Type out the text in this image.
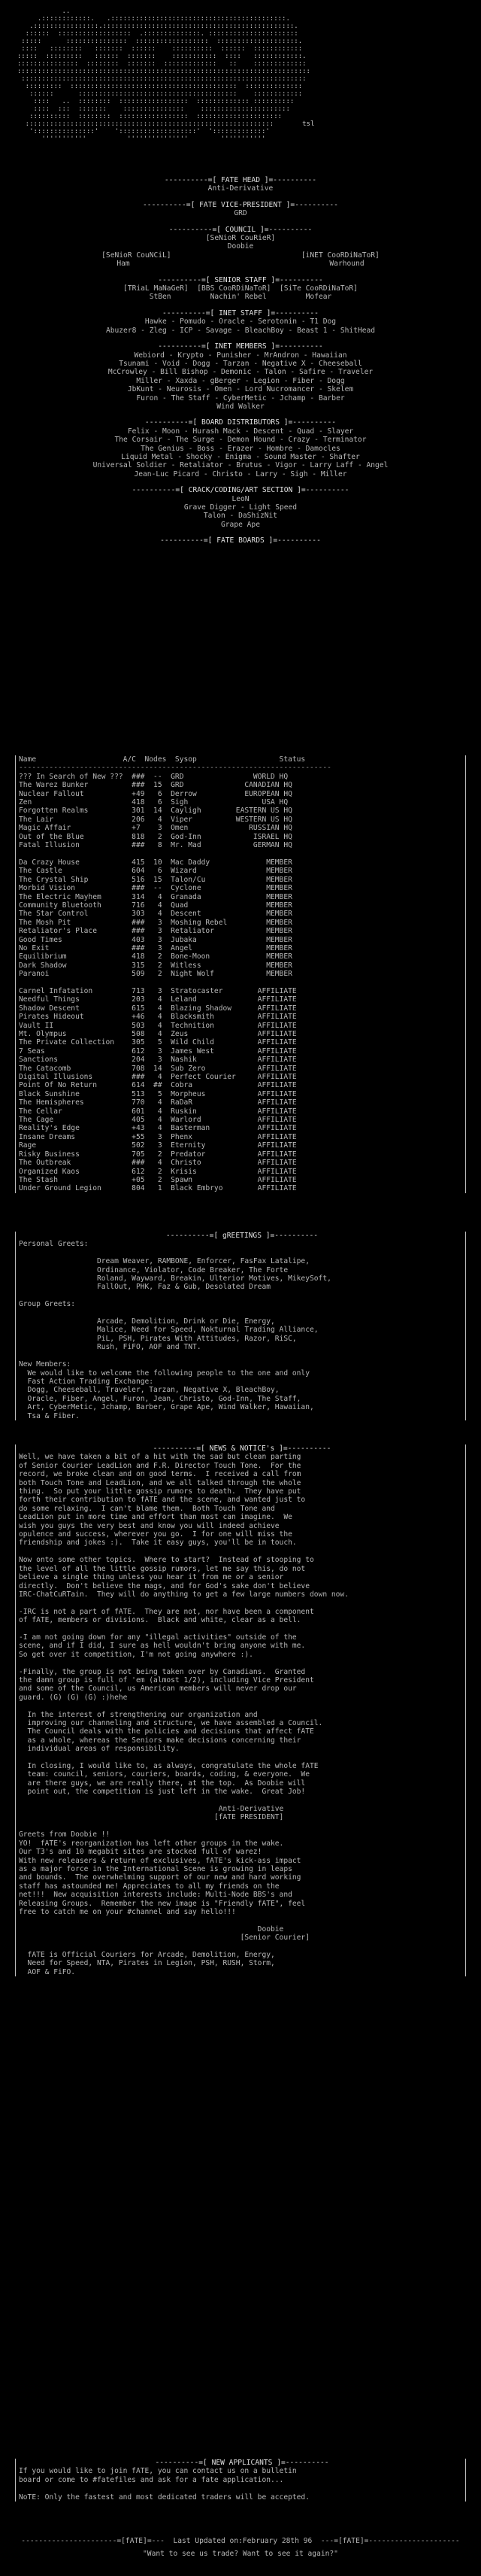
..
.::::::::::::.   .:::::::::::::::::::::::::::::::::::::::::::.
.::::::::::::::::.:::::::::::::::::::::::::::::::::::::::::::::::.
::::::  ::::::::::::::::::  .::::::::::::::. ::::::::::::::::::::::
:::::      :::::::::::::::  ::::::::::::::::::  ::::::::::::::::::::.
::::   ::::::::   :::::::  ::::::    ::::::::::  ::::::  ::::::::::::
:::::  :::::::::   ::::::  :::::::    :::::::::::  ::::   ::::::::::::.
:::::::::::::::  ::::::::  :::::::  :::::::::::::   ::    :::::::::::::
::::::::::::::::::::::::::::::::::::::::::::::::::::::::::::::::::::::::
::::::::::::::::::::::::::::::::::::::::::::::::::::::::::::::::::::::
:::::::::  :::::::::::::::::::::::::::::::::::::::::  ::::::::::::::
::::::      :::::::::::::::::::::::::::::::::::::::    ::::::::::::
::::   ..  ::::::::  :::::::::::::::::  ::::::::::::: ::::::::::
::::  :::  :::::::    :::::::::::::::    ::::::::::::::::::::::
::::::::::  ::::::::  :::::::::::::::::  :::::::::::::::::::::
:::::::::::::::::::::::::::::::::::::::::::::::::::::::::::::       tsl
':::::::::::::::'    ':::::::::::::::::::'  ':::::::::::::'
'''''''''''          '''''''''''''''        '''''''''''

----------=[ FATE HEAD ]=----------
Anti-Derivative
----------=[ FATE VICE-PRESIDENT ]=----------
GRD
----------=[ COUNCIL ]=----------
[SeNioR CouRieR]
Doobie
[SeNioR CouNCiL]                              [iNET CooRDiNaToR]
Ham                                              Warhound
----------=[ SENIOR STAFF ]=----------
[TRiaL MaNaGeR]  [BBS CooRDiNaToR]  [SiTe CooRDiNaToR]
StBen         Nachin' Rebel         Mofear
----------=[ INET STAFF ]=----------
Hawke - Pomudo - Oracle - Serotonin - T1 Dog
Abuzer8 - Zleg - ICP - Savage - BleachBoy - Beast 1 - ShitHead
----------=[ INET MEMBERS ]=----------
Webiord - Krypto - Punisher - MrAndron - Hawaiian
Tsunami - Void - Dogg - Tarzan - Negative X - Cheeseball
McCrowley - Bill Bishop - Demonic - Talon - Safire - Traveler
Miller - Xaxda - gBerger - Legion - Fiber - Dogg
JbKunt - Neurosis - Omen - Lord Nucromancer - Skelem
Furon - The Staff - CyberMetic - Jchamp - Barber
Wind Walker
----------=[ BOARD DISTRIBUTORS ]=----------
Felix - Moon - Hurash Mack - Descent - Quad - Slayer
The Corsair - The Surge - Demon Hound - Crazy - Terminator
The Genius - Boss - Erazer - Hombre - Damocles
Liquid Metal - Shocky - Enigma - Sound Master - Shafter
Universal Soldier - Retaliator - Brutus - Vigor - Larry Laff - Angel
Jean-Luc Picard - Christo - Larry - Sigh - Miller
----------=[ CRACK/CODING/ART SECTION ]=----------
LeoN
Grave Digger - Light Speed
Talon - DaShizNit
Grape Ape
----------=[ FATE BOARDS ]=----------
Name                    A/C  Nodes  Sysop                   Status
------------------------------------------------------------------------
??? In Search of New ???  ###  --  GRD                WORLD HQ
The Warez Bunker          ###  15  GRD              CANADIAN HQ
Nuclear Fallout           +49   6  Derrow           EUROPEAN HQ
Zen                       418   6  Sigh                 USA HQ
Forgotten Realms          301  14  Cayligh        EASTERN US HQ
The Lair                  206   4  Viper          WESTERN US HQ
Magic Affair              +7    3  Omen              RUSSIAN HQ
Out of the Blue           818   2  God-Inn            ISRAEL HQ
Fatal Illusion            ###   8  Mr. Mad            GERMAN HQ

Da Crazy House            415  10  Mac Daddy             MEMBER
The Castle                604   6  Wizard                MEMBER
The Crystal Ship          516  15  Talon/Cu              MEMBER
Morbid Vision             ###  --  Cyclone               MEMBER
The Electric Mayhem       314   4  Granada               MEMBER
Community Bluetooth       716   4  Quad                  MEMBER
The Star Control          303   4  Descent               MEMBER
The Mosh Pit              ###   3  Moshing Rebel         MEMBER
Retaliator's Place        ###   3  Retaliator            MEMBER
Good Times                403   3  Jubaka                MEMBER
No Exit                   ###   3  Angel                 MEMBER
Equilibrium               418   2  Bone-Moon             MEMBER
Dark Shadow               315   2  Witless               MEMBER
Paranoi                   509   2  Night Wolf            MEMBER

Carnel Infatation         713   3  Stratocaster        AFFILIATE
Needful Things            203   4  Leland              AFFILIATE
Shadow Descent            615   4  Blazing Shadow      AFFILIATE
Pirates Hideout           +46   4  Blacksmith          AFFILIATE
Vault II                  503   4  Technition          AFFILIATE
Mt. Olympus               508   4  Zeus                AFFILIATE
The Private Collection    305   5  Wild Child          AFFILIATE
7 Seas                    612   3  James West          AFFILIATE
Sanctions                 204   3  Nashik              AFFILIATE
The Catacomb              708  14  Sub Zero            AFFILIATE
Digital Illusions         ###   4  Perfect Courier     AFFILIATE
Point Of No Return        614  ##  Cobra               AFFILIATE
Black Sunshine            513   5  Morpheus            AFFILIATE
The Hemispheres           770   4  RaDaR               AFFILIATE
The Cellar                601   4  Ruskin              AFFILIATE
The Cage                  405   4  Warlord             AFFILIATE
Reality's Edge            +43   4  Basterman           AFFILIATE
Insane Dreams             +55   3  Phenx               AFFILIATE
Rage                      502   3  Eternity            AFFILIATE
Risky Business            705   2  Predator            AFFILIATE
The Outbreak              ###   4  Christo             AFFILIATE
Organized Kaos            612   2  Krisis              AFFILIATE
The Stash                 +05   2  Spawn               AFFILIATE
Under Ground Legion       804   1  Black Embryo        AFFILIATE
----------=[ gREETINGS ]=----------
Personal Greets:

Dream Weaver, RAMBONE, Enforcer, FasFax Latalipe,
Ordinance, Violator, Code Breaker, The Forte
Roland, Wayward, Breakin, Ulterior Motives, MikeySoft,
FallOut, PHK, Faz & Gub, Desolated Dream

Group Greets:

Arcade, Demolition, Drink or Die, Energy,
Malice, Need for Speed, Nokturnal Trading Alliance,
PiL, PSH, Pirates With Attitudes, Razor, RiSC,
Rush, FiFO, AOF and TNT.

New Members:
We would like to welcome the following people to the one and only
Fast Action Trading Exchange:
Dogg, Cheeseball, Traveler, Tarzan, Negative X, BleachBoy,
Oracle, Fiber, Angel, Furon, Jean, Christo, God-Inn, The Staff,
Art, CyberMetic, Jchamp, Barber, Grape Ape, Wind Walker, Hawaiian,
Tsa & Fiber.
----------=[ NEWS & NOTICE's ]=----------
Well, we have taken a bit of a hit with the sad but clean parting
of Senior Courier LeadLion and F.R. Director Touch Tone.  For the
record, we broke clean and on good terms.  I received a call from
both Touch Tone and LeadLion, and we all talked through the whole
thing.  So put your little gossip rumors to death.  They have put
forth their contribution to fATE and the scene, and wanted just to
do some relaxing.  I can't blame them.  Both Touch Tone and
LeadLion put in more time and effort than most can imagine.  We
wish you guys the very best and know you will indeed achieve
opulence and success, wherever you go.  I for one will miss the
friendship and jokes :).  Take it easy guys, you'll be in touch.

Now onto some other topics.  Where to start?  Instead of stooping to
the level of all the little gossip rumors, let me say this, do not
believe a single thing unless you hear it from me or a senior
directly.  Don't believe the mags, and for God's sake don't believe
IRC-ChatCuRTain.  They will do anything to get a few large numbers down now.

-IRC is not a part of fATE.  They are not, nor have been a component
of fATE, members or divisions.  Black and white, clear as a bell.

-I am not going down for any "illegal activities" outside of the
scene, and if I did, I sure as hell wouldn't bring anyone with me.
So get over it competition, I'm not going anywhere :).

-Finally, the group is not being taken over by Canadians.  Granted
the damn group is full of 'em (almost 1/2), including Vice President
and some of the Council, us American members will never drop our
guard. (G) (G) (G) :)hehe

In the interest of strengthening our organization and
improving our channeling and structure, we have assembled a Council.
The Council deals with the policies and decisions that affect fATE
as a whole, whereas the Seniors make decisions concerning their
individual areas of responsibility.

In closing, I would like to, as always, congratulate the whole fATE
team: council, seniors, couriers, boards, coding, & everyone.  We
are there guys, we are really there, at the top.  As Doobie will
point out, the competition is just left in the wake.  Great Job!

Anti-Derivative
[fATE PRESIDENT]

Greets from Doobie !!
YO!  fATE's reorganization has left other groups in the wake.
Our T3's and 10 megabit sites are stocked full of warez!
With new releasers & return of exclusives, fATE's kick-ass impact
as a major force in the International Scene is growing in leaps
and bounds.  The overwhelming support of our new and hard working
staff has astounded me! Appreciates to all my friends on the
net!!!  New acquisition interests include: Multi-Node BBS's and
Releasing Groups.  Remember the new image is "Friendly fATE", feel
free to catch me on your #channel and say hello!!!

Doobie
[Senior Courier]

fATE is Official Couriers for Arcade, Demolition, Energy,
Need for Speed, NTA, Pirates in Legion, PSH, RUSH, Storm,
AOF & FiFO.
----------=[ NEW APPLICANTS ]=----------
If you would like to join fATE, you can contact us on a bulletin
board or come to #fatefiles and ask for a fate application...

NoTE: Only the fastest and most dedicated traders will be accepted.
----------------------=[fATE]=---  Last Updated on:February 28th 96  ---=[fATE]=---------------------
"Want to see us trade? Want to see it again?"
